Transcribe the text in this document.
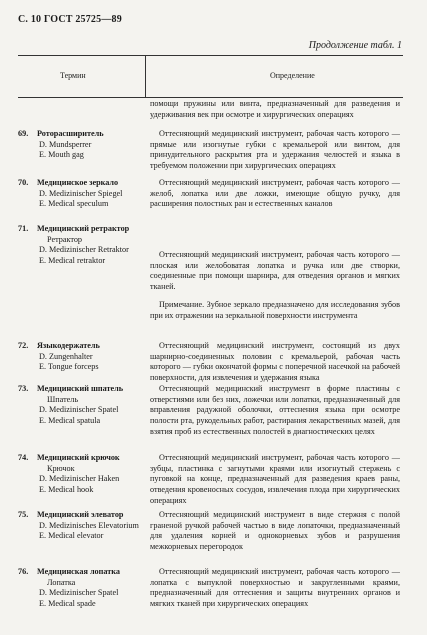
С. 10 ГОСТ 25725—89
Продолжение табл. 1
Термин	Определение

помощи пружины или винта, предназначенный для разведения и удерживания век при осмотре и хирургических операциях

69.	Роторасширитель
D. Mundsperrer
E. Mouth gag

Оттесняющий медицинский инструмент, рабочая часть которого — прямые или изогнутые губки с кремальерой или винтом, для принудительного раскрытия рта и удержания челюстей и языка в требуемом положении при хирургических операциях

70.	Медицинское зеркало
D. Medizinischer Spiegel
E. Medical speculum

Оттесняющий медицинский инструмент, рабочая часть которого — желоб, лопатка или две ложки, имеющие общую ручку, для расширения полостных ран и естественных каналов

71.	Медицинский ретрактор
Ретрактор
D. Medizinischer Retraktor
E. Medical retraktor

Оттесняющий медицинский инструмент, рабочая часть которого — плоская или желобоватая лопатка и ручка или две створки, соединенные при помощи шарнира, для отведения органов и мягких тканей.

Примечание. Зубное зеркало предназначено для исследования зубов при их отражении на зеркальной поверхности инструмента

72.	Языкодержатель
D. Zungenhalter
E. Tongue forceps

Оттесняющий медицинский инструмент, состоящий из двух шарнирно-соединенных половин с кремальерой, рабочая часть которого — губки окончатой формы с поперечной насечкой на рабочей поверхности, для извлечения и удержания языка

73.	Медицинский шпатель
Шпатель
D. Medizinischer Spatel
E. Medical spatula

Оттесняющий медицинский инструмент в форме пластины с отверстиями или без них, ложечки или лопатки, предназначенный для вправления радужной оболочки, оттеснения языка при осмотре полости рта, рукодельных работ, растирания лекарственных мазей, для взятия проб из естественных полостей в диагностических целях

74.	Медицинский крючок
Крючок
D. Medizinischer Haken
E. Medical hook

Оттесняющий медицинский инструмент, рабочая часть которого — зубцы, пластинка с загнутыми краями или изогнутый стержень с пуговкой на конце, предназначенный для разведения краев раны, отведения кровеносных сосудов, извлечения плода при хирургических операциях

75.	Медицинский элеватор
D. Medizinisches Elevatorium
E. Medical elevator

Оттесняющий медицинский инструмент в виде стержня с полой граненой ручкой рабочей частью в виде лопаточки, предназначенный для удаления корней и однокорневых зубов и разрушения межкорневых перегородок

76.	Медицинская лопатка
Лопатка
D. Medizinischer Spatel
E. Medical spade

Оттесняющий медицинский инструмент, рабочая часть которого — лопатка с выпуклой поверхностью и закругленными краями, предназначенный для оттеснения и защиты внутренних органов и мягких тканей при хирургических операциях
